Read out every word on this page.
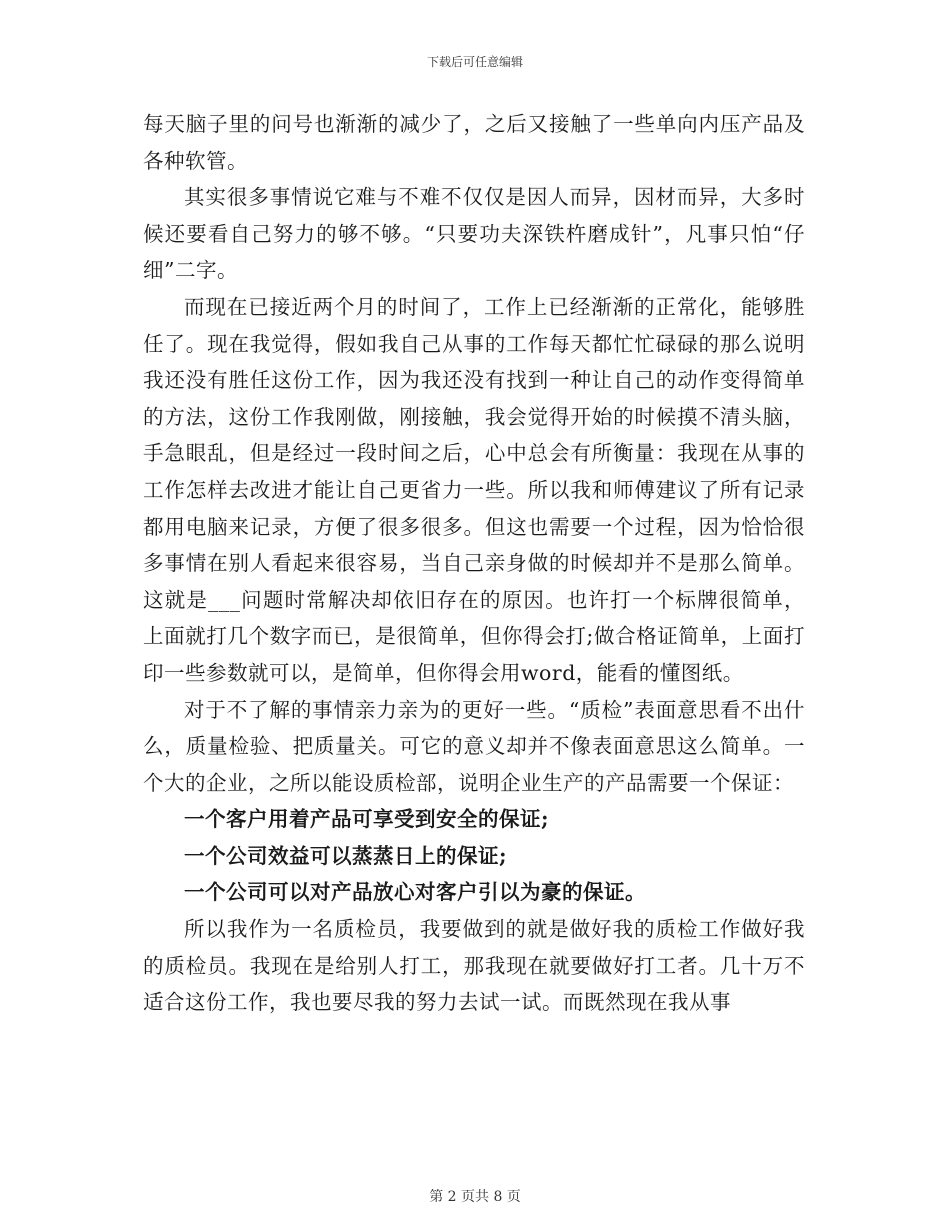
下载后可任意编辑

每天脑子里的问号也渐渐的减少了，之后又接触了一些单向内压产品及各种软管。

其实很多事情说它难与不难不仅仅是因人而异，因材而异，大多时候还要看自己努力的够不够。“只要功夫深铁杵磨成针”，凡事只怕“仔细”二字。

而现在已接近两个月的时间了，工作上已经渐渐的正常化，能够胜任了。现在我觉得，假如我自己从事的工作每天都忙忙碌碌的那么说明我还没有胜任这份工作，因为我还没有找到一种让自己的动作变得简单的方法，这份工作我刚做，刚接触，我会觉得开始的时候摸不清头脑，手急眼乱，但是经过一段时间之后，心中总会有所衡量：我现在从事的工作怎样去改进才能让自己更省力一些。所以我和师傅建议了所有记录都用电脑来记录，方便了很多很多。但这也需要一个过程，因为恰恰很多事情在别人看起来很容易，当自己亲身做的时候却并不是那么简单。这就是___问题时常解决却依旧存在的原因。也许打一个标牌很简单，上面就打几个数字而已，是很简单，但你得会打;做合格证简单，上面打印一些参数就可以，是简单，但你得会用word，能看的懂图纸。

对于不了解的事情亲力亲为的更好一些。“质检”表面意思看不出什么，质量检验、把质量关。可它的意义却并不像表面意思这么简单。一个大的企业，之所以能设质检部，说明企业生产的产品需要一个保证：

一个客户用着产品可享受到安全的保证;

一个公司效益可以蒸蒸日上的保证;

一个公司可以对产品放心对客户引以为豪的保证。

所以我作为一名质检员，我要做到的就是做好我的质检工作做好我的质检员。我现在是给别人打工，那我现在就要做好打工者。几十万不适合这份工作，我也要尽我的努力去试一试。而既然现在我从事

第 2 页共 8 页
